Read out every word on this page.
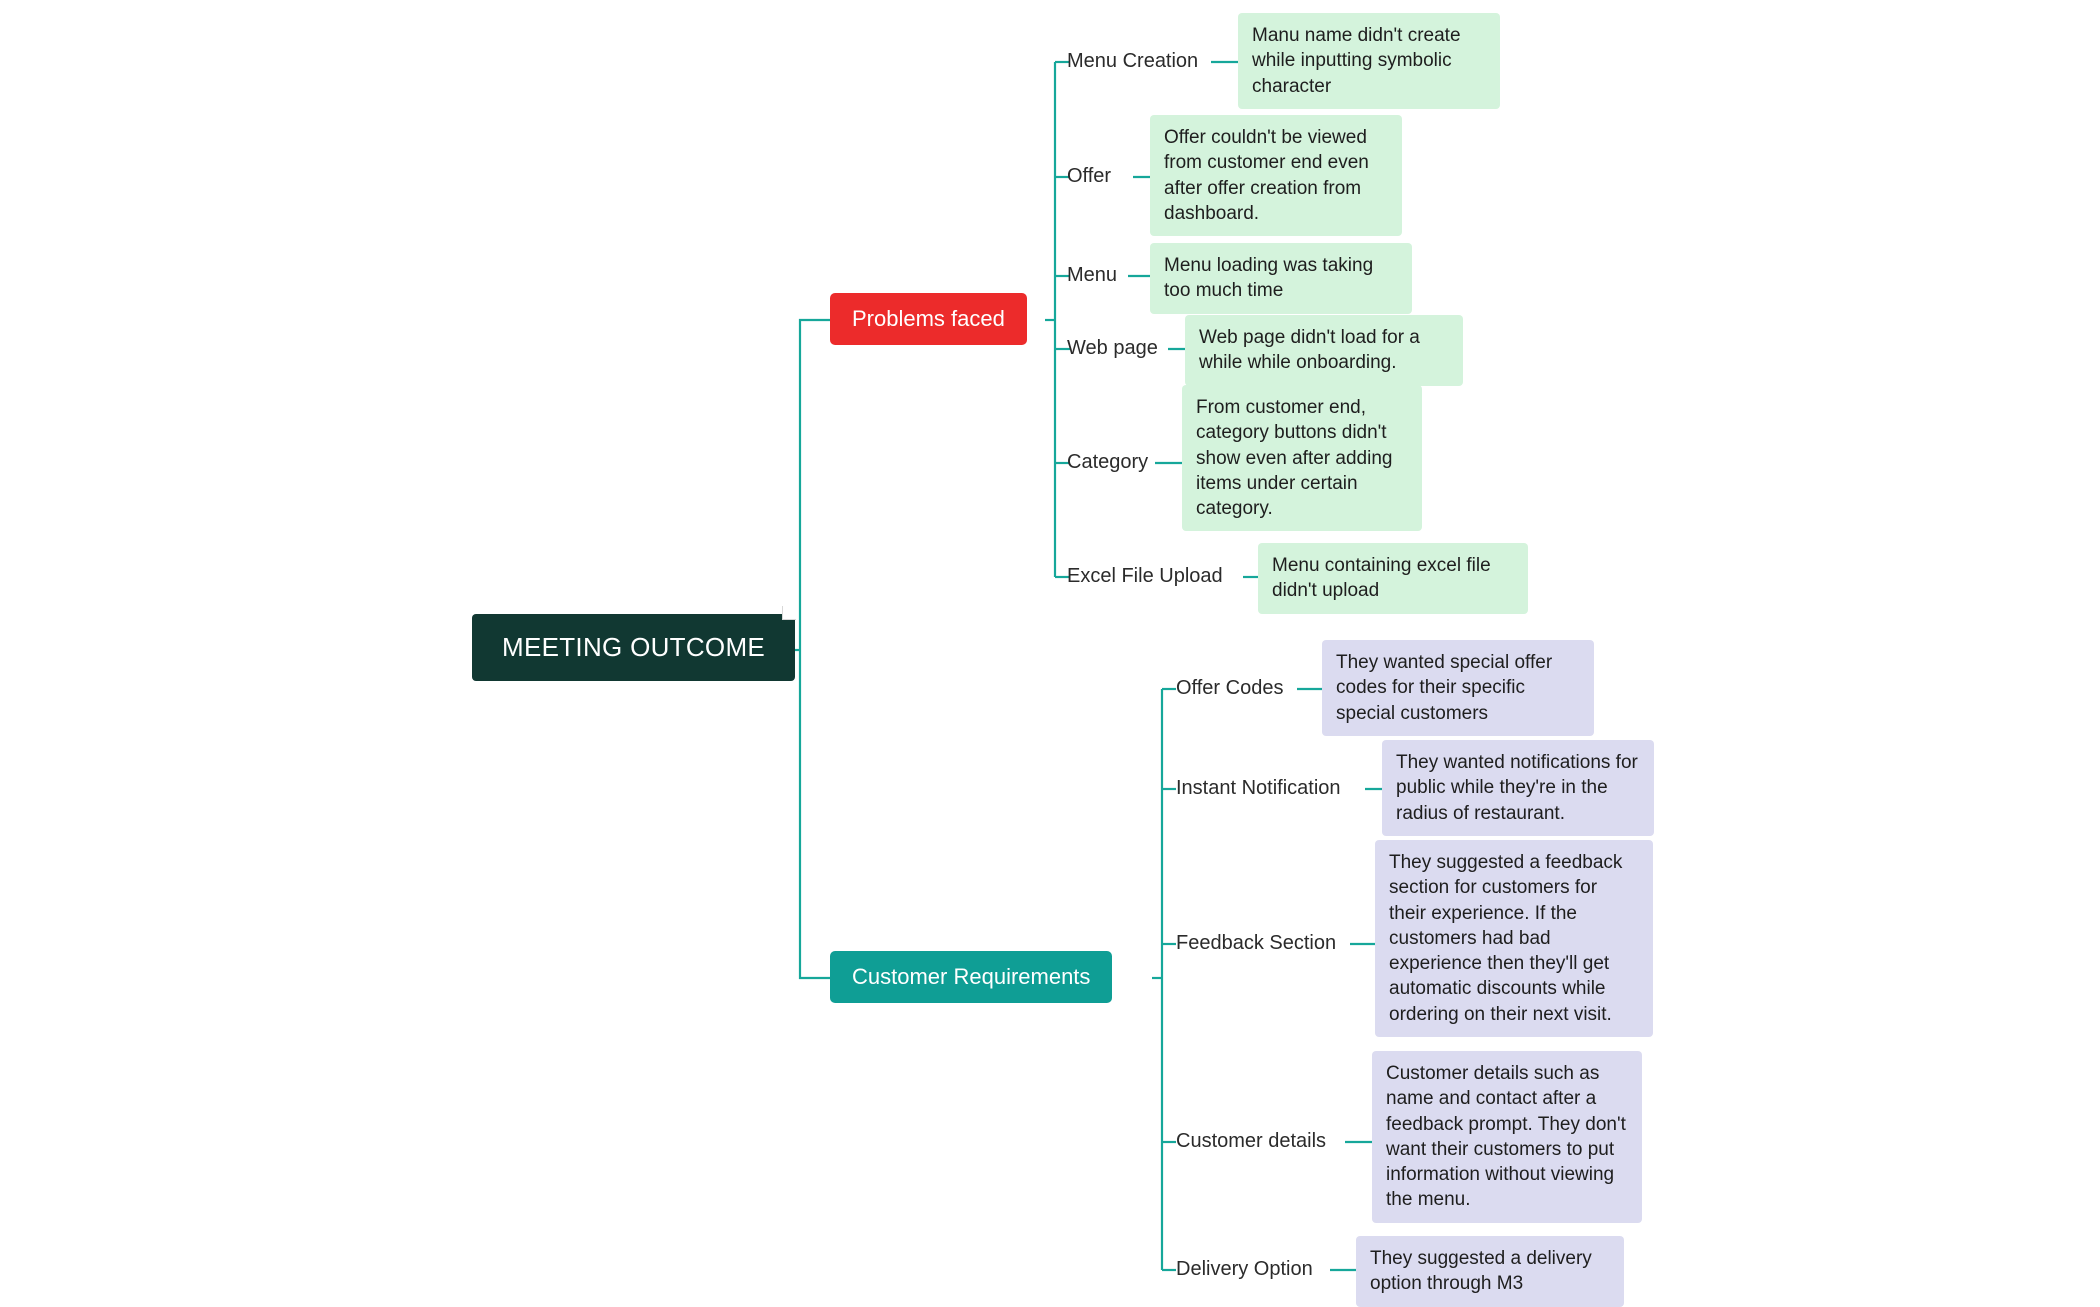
MEETING OUTCOME
Problems faced
Menu Creation
Manu name didn't create while inputting symbolic character
Offer
Offer couldn't be viewed from customer end even after offer creation from dashboard.
Menu	Menu loading was taking too much time
Web page	Web page didn't load for a while while onboarding.
Category
From customer end, category buttons didn't show even after adding items under certain category.
Excel File Upload	Menu containing excel file didn't upload
Customer Requirements
Offer Codes
They wanted special offer codes for their specific special customers
Instant Notification
They wanted notifications for public while they're in the radius of restaurant.
Feedback Section
They suggested a feedback section for customers for their experience. If the customers had bad experience then they'll get automatic discounts while ordering on their next visit.
Customer details
Customer details such as name and contact after a feedback prompt. They don't want their customers to put information without viewing the menu.
Delivery Option	They suggested a delivery option through M3
